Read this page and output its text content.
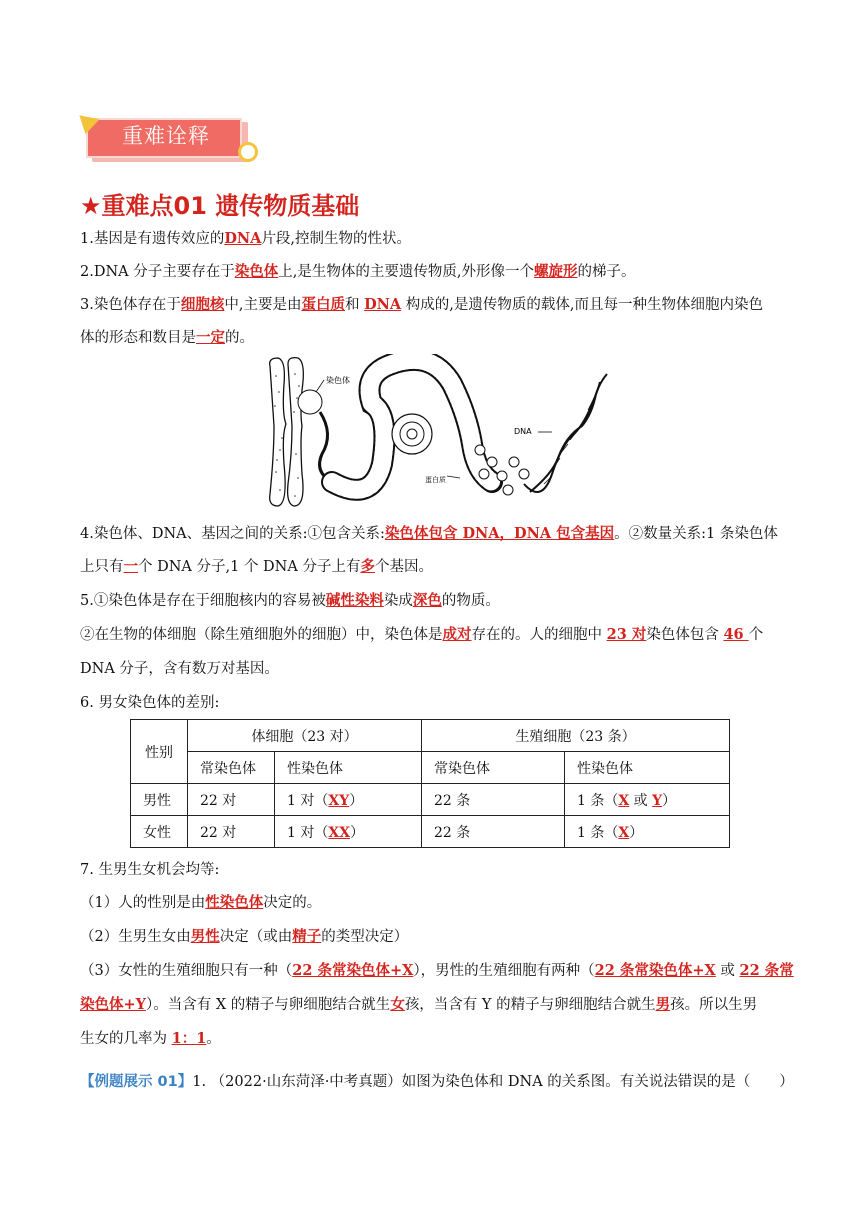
重难诠释
★重难点01 遗传物质基础
1.基因是有遗传效应的DNA片段,控制生物的性状。
2.DNA 分子主要存在于染色体上,是生物体的主要遗传物质,外形像一个螺旋形的梯子。
3.染色体存在于细胞核中,主要是由蛋白质和 DNA 构成的,是遗传物质的载体,而且每一种生物体细胞内染色
体的形态和数目是一定的。
染色体
蛋白质
DNA
4.染色体、DNA、基因之间的关系:①包含关系:染色体包含 DNA，DNA 包含基因。②数量关系:1 条染色体
上只有一个 DNA 分子,1 个 DNA 分子上有多个基因。
5.①染色体是存在于细胞核内的容易被碱性染料染成深色的物质。
②在生物的体细胞（除生殖细胞外的细胞）中，染色体是成对存在的。人的细胞中 23 对染色体包含 46 个
DNA 分子，含有数万对基因。
6. 男女染色体的差别:
性别	体细胞（23 对）		生殖细胞（23 条）	
	常染色体	性染色体	常染色体	性染色体
男性	22 对	1 对（XY）	22 条	1 条（X 或 Y）
女性	22 对	1 对（XX）	22 条	1 条（X）
7. 生男生女机会均等:
（1）人的性别是由性染色体决定的。
（2）生男生女由男性决定（或由精子的类型决定）
（3）女性的生殖细胞只有一种（22 条常染色体+X），男性的生殖细胞有两种（22 条常染色体+X 或 22 条常
染色体+Y）。当含有 X 的精子与卵细胞结合就生女孩，当含有 Y 的精子与卵细胞结合就生男孩。所以生男
生女的几率为 1：1。
【例题展示 01】1. （2022·山东菏泽·中考真题）如图为染色体和 DNA 的关系图。有关说法错误的是（　　）
